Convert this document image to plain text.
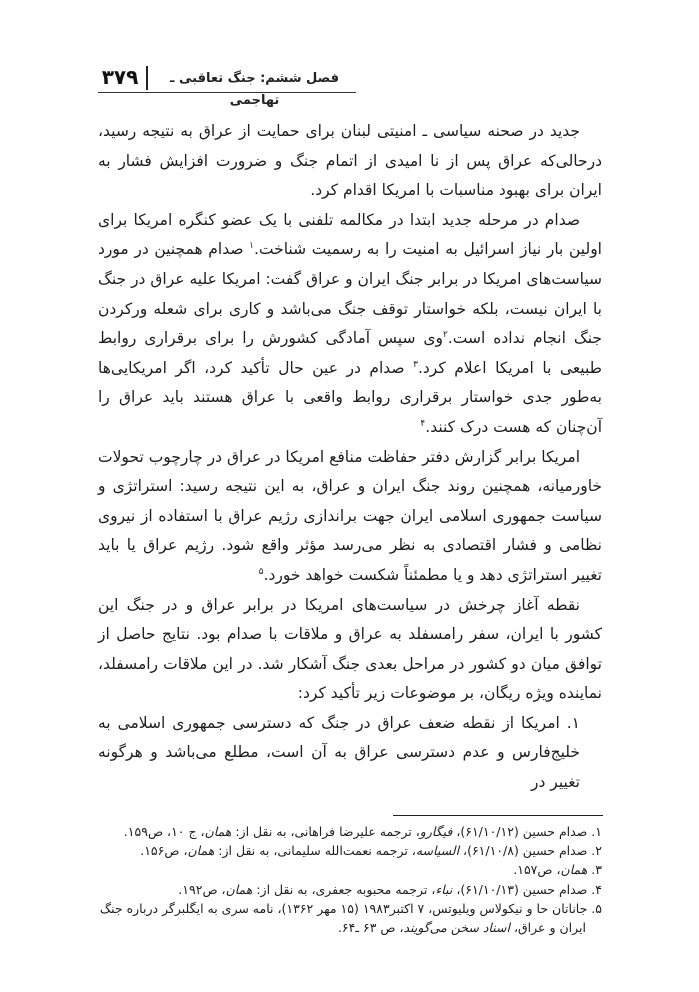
۳۷۹	فصل ششم: جنگ تعاقبی ـ تهاجمی

جدید در صحنه سیاسی ـ امنیتی لبنان برای حمایت از عراق به نتیجه رسید، درحالی‌که عراق پس از نا امیدی از اتمام جنگ و ضرورت افزایش فشار به ایران برای بهبود مناسبات با امریکا اقدام کرد.

صدام در مرحله جدید ابتدا در مکالمه تلفنی با یک عضو کنگره امریکا برای اولین بار نیاز اسرائیل به امنیت را به رسمیت شناخت.$^۱$ صدام همچنین در مورد سیاست‌های امریکا در برابر جنگ ایران و عراق گفت: امریکا علیه عراق در جنگ با ایران نیست، بلکه خواستار توقف جنگ می‌باشد و کاری برای شعله ورکردن جنگ انجام نداده است.$^۲$وی سپس آمادگی کشورش را برای برقراری روابط طبیعی با امریکا اعلام کرد.$^۳$ صدام در عین حال تأکید کرد، اگر امریکایی‌ها به‌طور جدی خواستار برقراری روابط واقعی با عراق هستند باید عراق را آن‌چنان که هست درک کنند.$^۴$

امریکا برابر گزارش دفتر حفاظت منافع امریکا در عراق در چارچوب تحولات خاورمیانه، همچنین روند جنگ ایران و عراق، به این نتیجه رسید: استراتژی و سیاست جمهوری اسلامی ایران جهت براندازی رژیم عراق با استفاده از نیروی نظامی و فشار اقتصادی به نظر می‌رسد مؤثر واقع شود. رژیم عراق یا باید تغییر استراتژی دهد و یا مطمئناً شکست خواهد خورد.$^۵$

نقطه آغاز چرخش در سیاست‌های امریکا در برابر عراق و در جنگ این کشور با ایران، سفر رامسفلد به عراق و ملاقات با صدام بود. نتایج حاصل از توافق میان دو کشور در مراحل بعدی جنگ آشکار شد. در این ملاقات رامسفلد، نماینده ویژه ریگان، بر موضوعات زیر تأکید کرد:

۱. امریکا از نقطه ضعف عراق در جنگ که دسترسی جمهوری اسلامی به خلیج‌فارس و عدم دسترسی عراق به آن است، مطلع می‌باشد و هرگونه تغییر در

۱. صدام حسین (۶۱/۱۰/۱۲)، فیگارو، ترجمه علیرضا فراهانی، به نقل از: همان، ج ۱۰، ص۱۵۹.

۲. صدام حسین (۶۱/۱۰/۸)، السیاسه، ترجمه نعمت‌الله سلیمانی، به نقل از: همان، ص۱۵۶.

۳. همان، ص۱۵۷.

۴. صدام حسین (۶۱/۱۰/۱۳)، نباء، ترجمه محبوبه جعفری، به نقل از: همان، ص۱۹۲.

۵. جاناتان حا و نیکولاس ویلیوتس، ۷ اکتبر۱۹۸۳ (۱۵ مهر ۱۳۶۲)، نامه سری به ایگلبرگر درباره جنگ ایران و عراق، اسناد سخن می‌گویند، ص ۶۳ ـ۶۴.
